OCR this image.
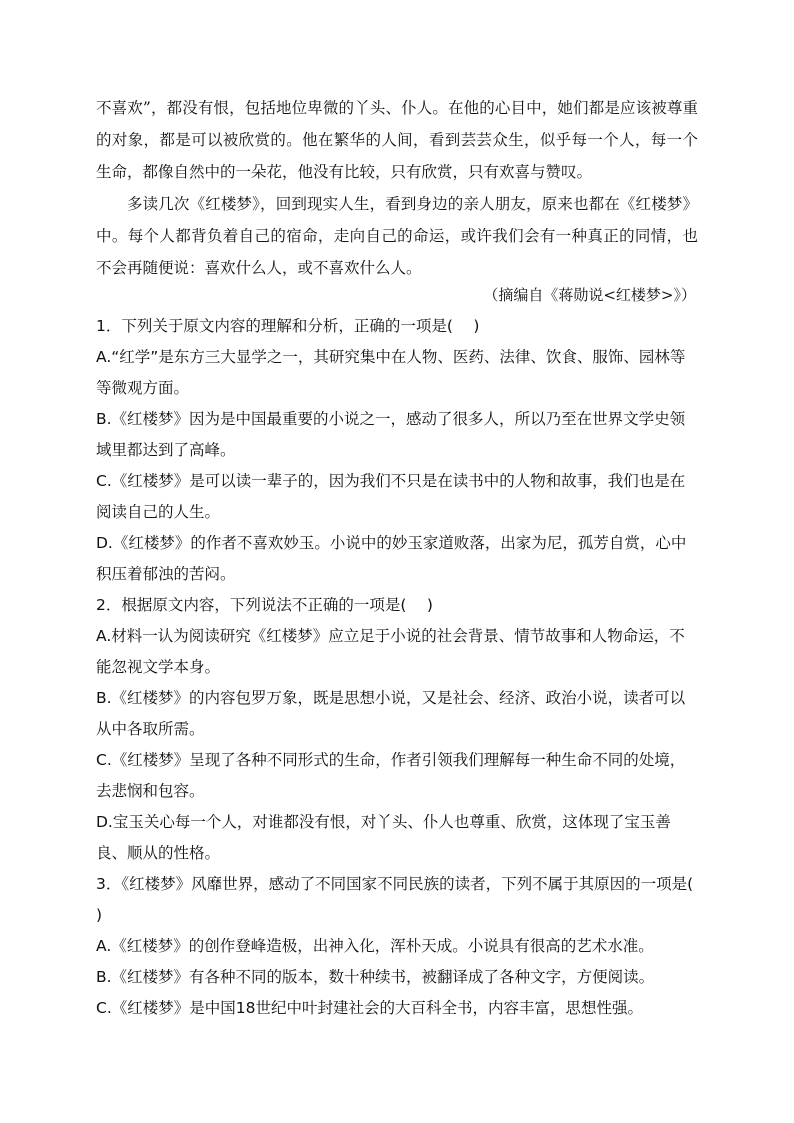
不喜欢”，都没有恨，包括地位卑微的丫头、仆人。在他的心目中，她们都是应该被尊重的对象，都是可以被欣赏的。他在繁华的人间，看到芸芸众生，似乎每一个人，每一个生命，都像自然中的一朵花，他没有比较，只有欣赏，只有欢喜与赞叹。

多读几次《红楼梦》，回到现实人生，看到身边的亲人朋友，原来也都在《红楼梦》中。每个人都背负着自己的宿命，走向自己的命运，或许我们会有一种真正的同情，也不会再随便说：喜欢什么人，或不喜欢什么人。

（摘编自《蒋勋说<红楼梦>》）
1．下列关于原文内容的理解和分析，正确的一项是(　 )
A.“红学”是东方三大显学之一，其研究集中在人物、医药、法律、饮食、服饰、园林等等微观方面。
B.《红楼梦》因为是中国最重要的小说之一，感动了很多人，所以乃至在世界文学史领域里都达到了高峰。
C.《红楼梦》是可以读一辈子的，因为我们不只是在读书中的人物和故事，我们也是在阅读自己的人生。
D.《红楼梦》的作者不喜欢妙玉。小说中的妙玉家道败落，出家为尼，孤芳自赏，心中积压着郁浊的苦闷。
2．根据原文内容，下列说法不正确的一项是(　 )
A.材料一认为阅读研究《红楼梦》应立足于小说的社会背景、情节故事和人物命运，不能忽视文学本身。
B.《红楼梦》的内容包罗万象，既是思想小说，又是社会、经济、政治小说，读者可以从中各取所需。
C.《红楼梦》呈现了各种不同形式的生命，作者引领我们理解每一种生命不同的处境，去悲悯和包容。
D.宝玉关心每一个人，对谁都没有恨，对丫头、仆人也尊重、欣赏，这体现了宝玉善良、顺从的性格。
3．《红楼梦》风靡世界，感动了不同国家不同民族的读者，下列不属于其原因的一项是(　 )
A.《红楼梦》的创作登峰造极，出神入化，浑朴天成。小说具有很高的艺术水准。
B.《红楼梦》有各种不同的版本，数十种续书，被翻译成了各种文字，方便阅读。
C.《红楼梦》是中国18世纪中叶封建社会的大百科全书，内容丰富，思想性强。
